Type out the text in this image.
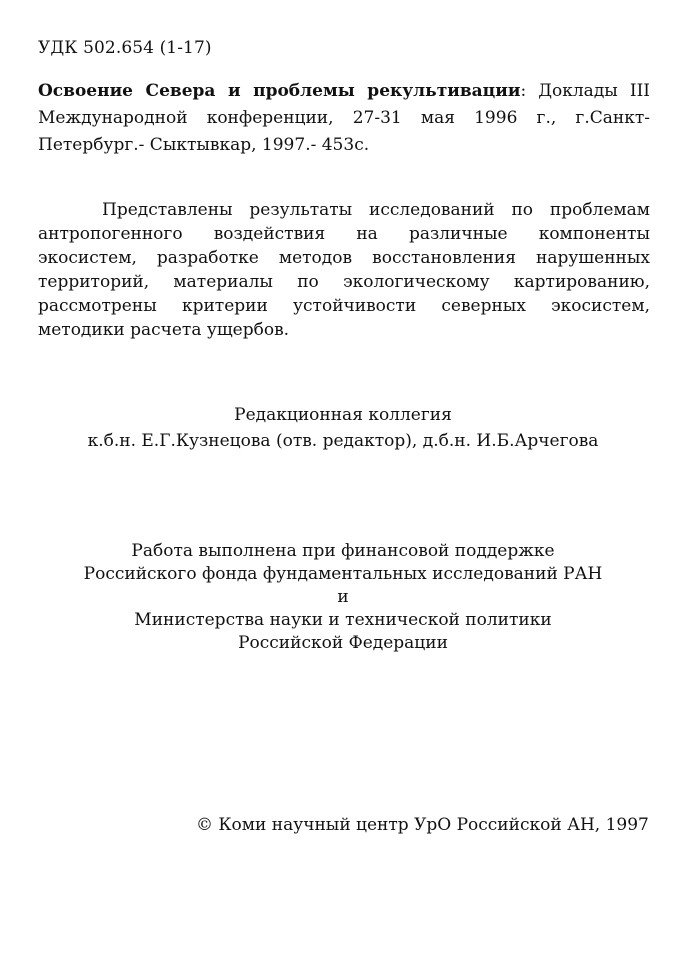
УДК 502.654 (1-17)
Освоение Севера и проблемы рекультивации: Доклады III Международной конференции, 27-31 мая 1996 г., г.Санкт-Петербург.- Сыктывкар, 1997.- 453с.
Представлены результаты исследований по проблемам антропогенного воздействия на различные компоненты экосистем, разработке методов восстановления нарушенных территорий, материалы по экологическому картированию, рассмотрены критерии устойчивости северных экосистем, методики расчета ущербов.
Редакционная коллегия
к.б.н. Е.Г.Кузнецова (отв. редактор), д.б.н. И.Б.Арчегова
Работа выполнена при финансовой поддержке
Российского фонда фундаментальных исследований РАН
и
Министерства науки и технической политики
Российской Федерации
© Коми научный центр УрО Российской АН, 1997
